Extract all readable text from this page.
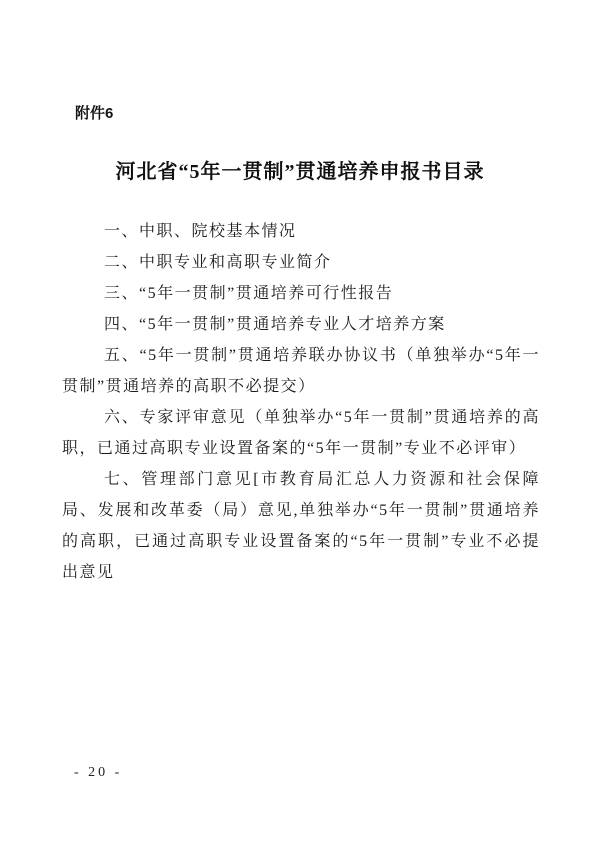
附件6
河北省“5年一贯制”贯通培养申报书目录

一、中职、院校基本情况

二、中职专业和高职专业简介

三、“5年一贯制”贯通培养可行性报告

四、“5年一贯制”贯通培养专业人才培养方案

五、“5年一贯制”贯通培养联办协议书（单独举办“5年一贯制”贯通培养的高职不必提交）

六、专家评审意见（单独举办“5年一贯制”贯通培养的高职，已通过高职专业设置备案的“5年一贯制”专业不必评审）

七、管理部门意见[市教育局汇总人力资源和社会保障局、发展和改革委（局）意见,单独举办“5年一贯制”贯通培养的高职，已通过高职专业设置备案的“5年一贯制”专业不必提出意见

- 20 -
